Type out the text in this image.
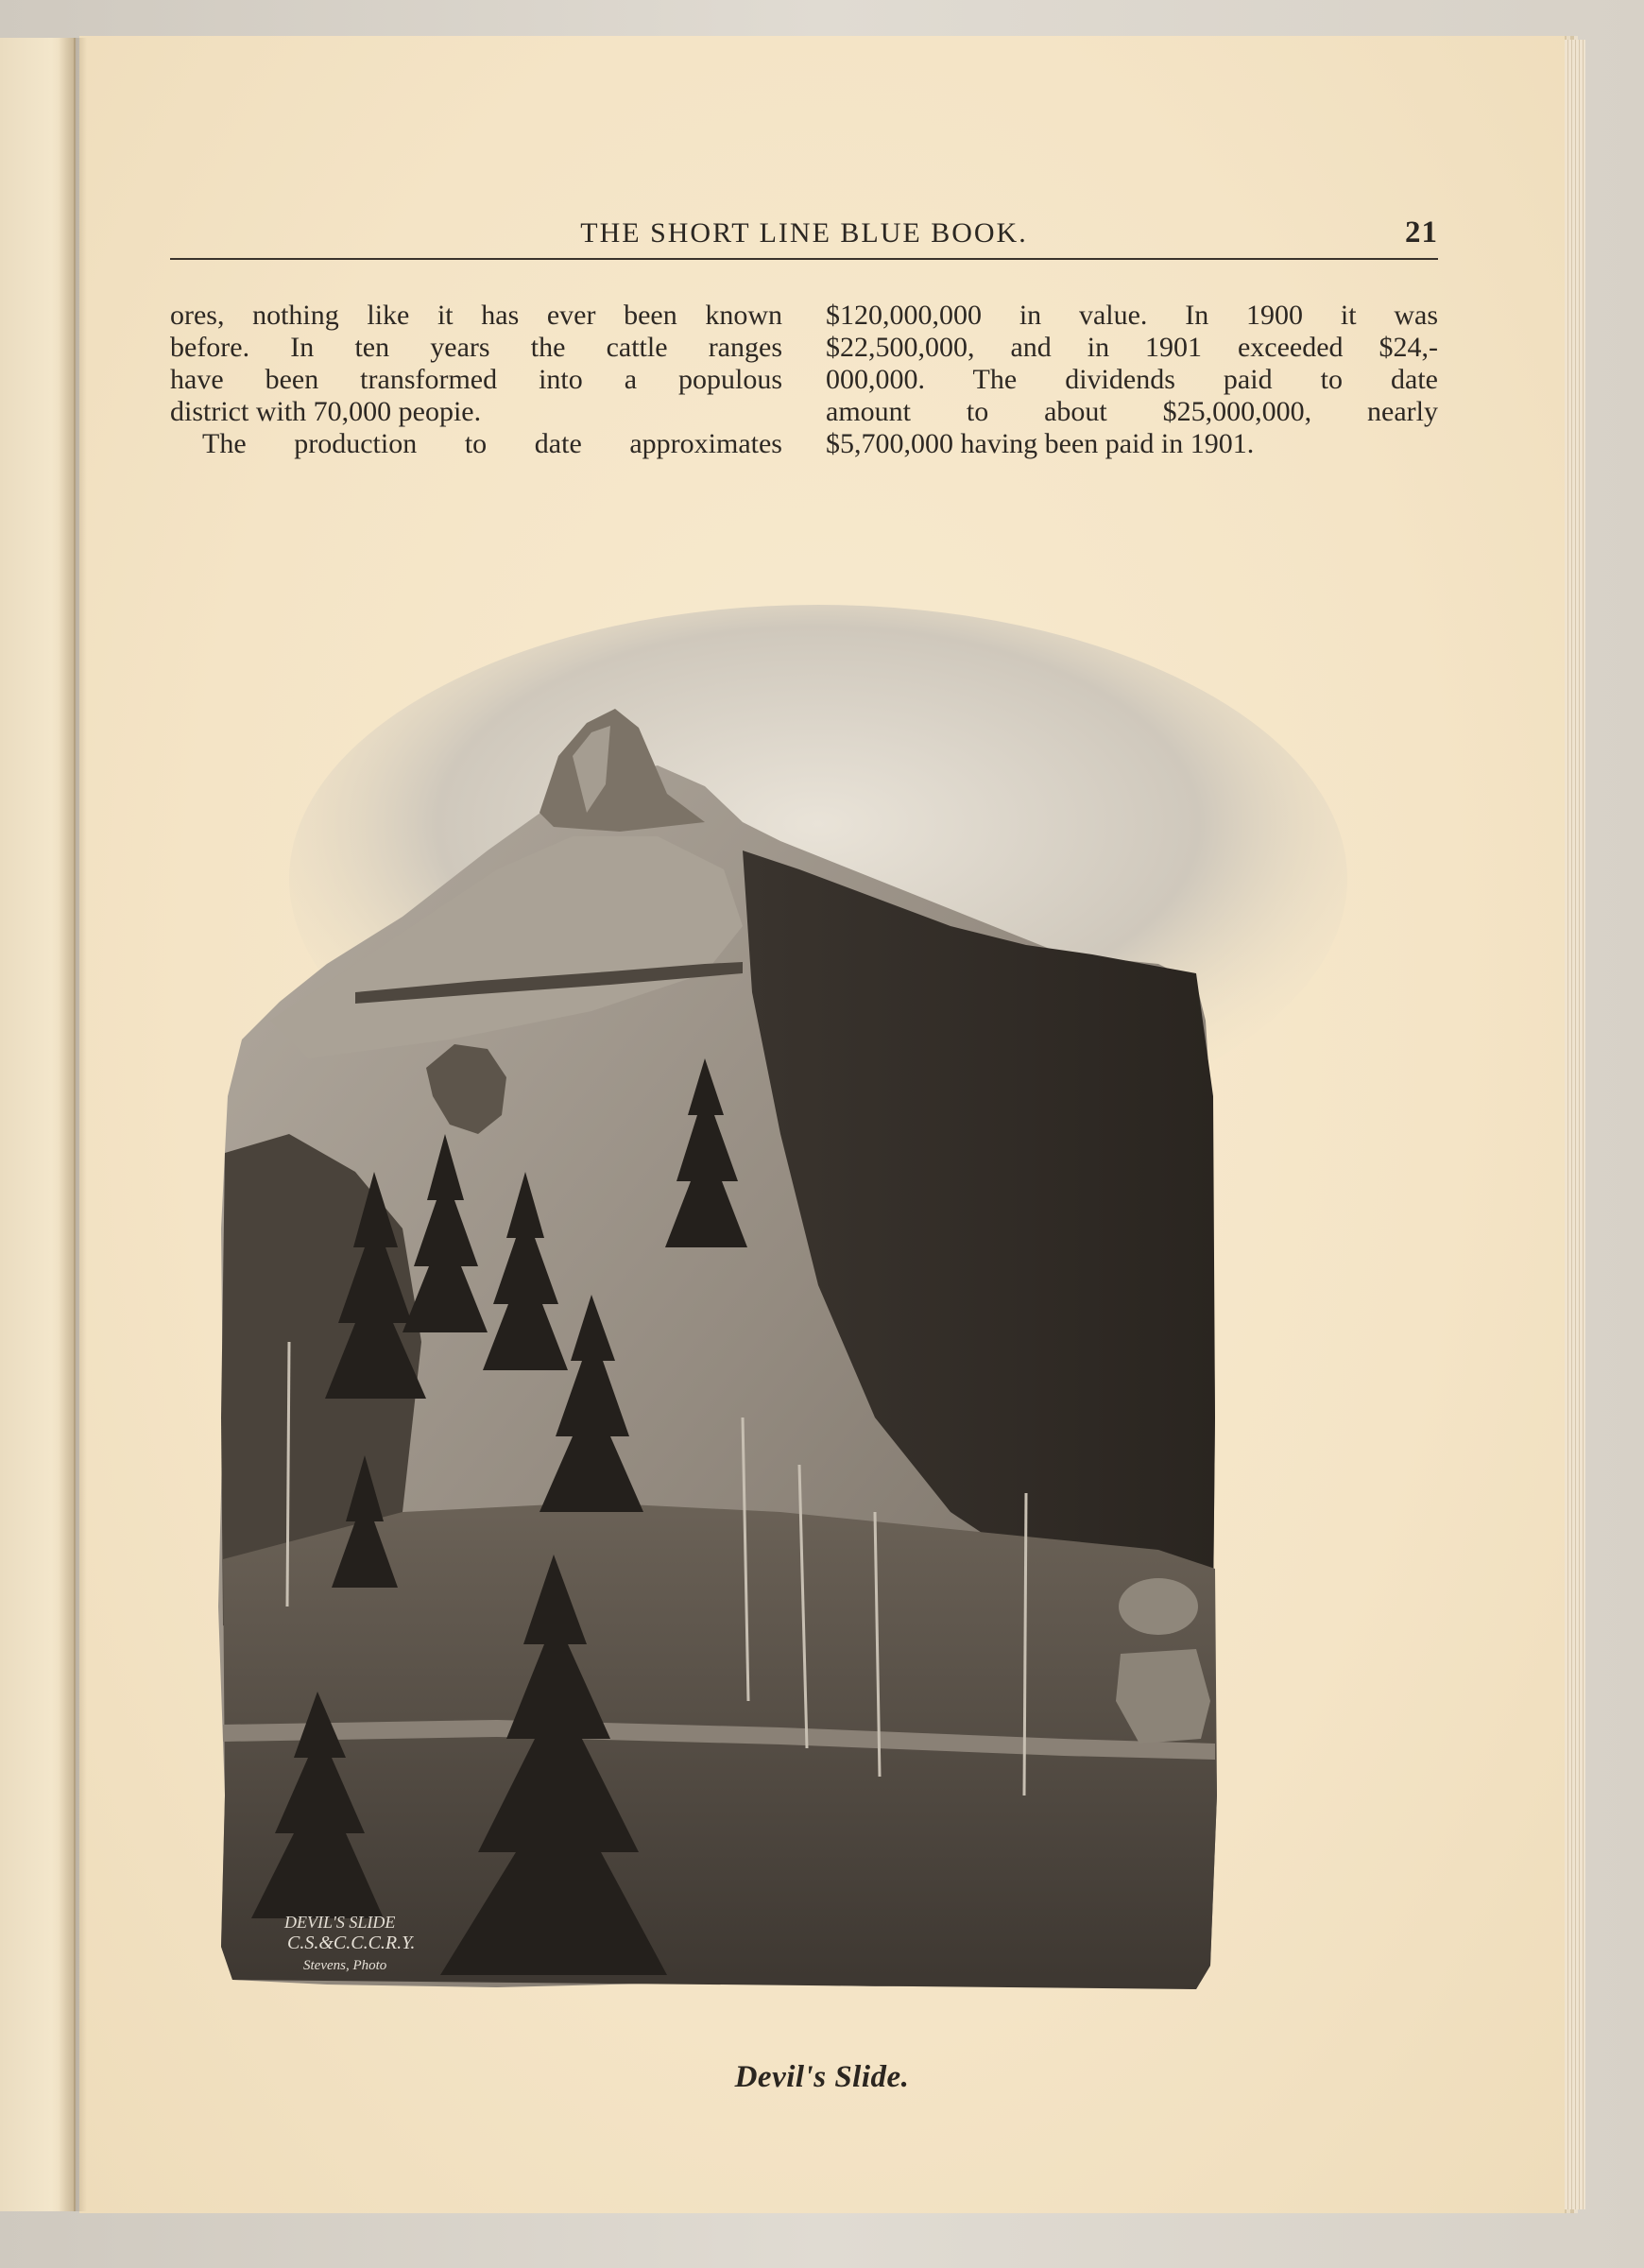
THE SHORT LINE BLUE BOOK.	21
ores, nothing like it has ever been known
before. In ten years the cattle ranges
have been transformed into a populous
district with 70,000 peopie.
The production to date approximates
$120,000,000 in value. In 1900 it was
$22,500,000, and in 1901 exceeded $24,-
000,000. The dividends paid to date
amount to about $25,000,000, nearly
$5,700,000 having been paid in 1901.
DEVIL'S SLIDE
C.S.&C.C.C.R.Y.
Stevens, Photo
Devil's Slide.
